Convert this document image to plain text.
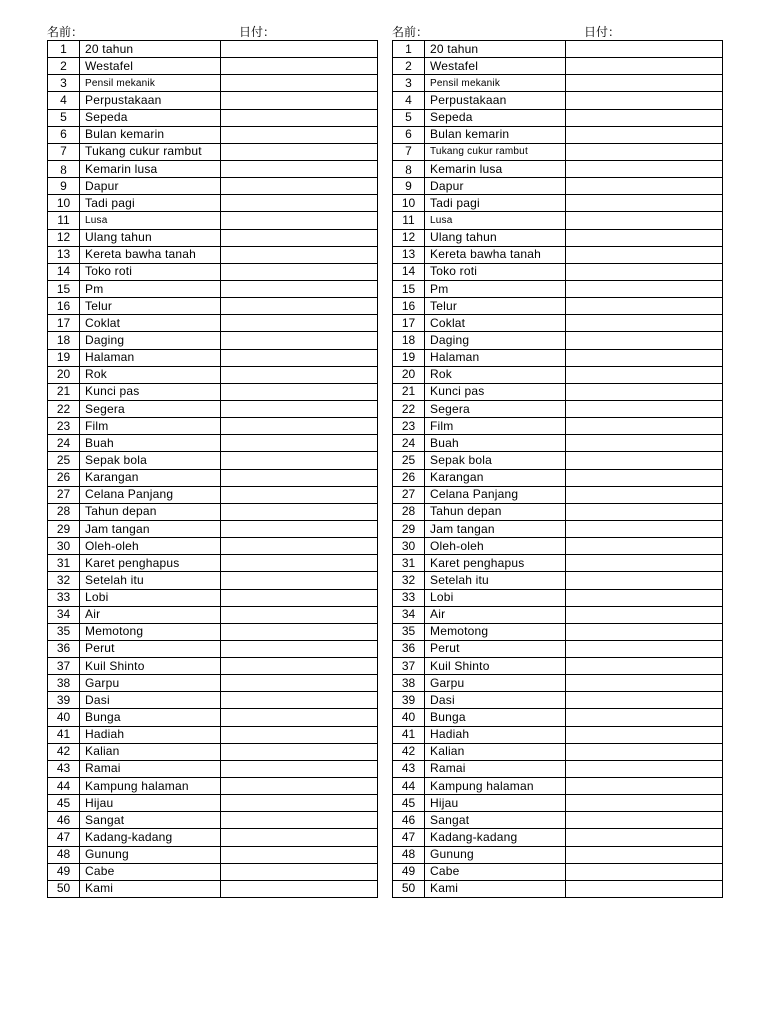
名前：	日付：
1	20 tahun	
2	Westafel	
3	Pensil mekanik	
4	Perpustakaan	
5	Sepeda	
6	Bulan kemarin	
7	Tukang cukur rambut	
8	Kemarin lusa	
9	Dapur	
10	Tadi pagi	
11	Lusa	
12	Ulang tahun	
13	Kereta bawha tanah	
14	Toko roti	
15	Pm	
16	Telur	
17	Coklat	
18	Daging	
19	Halaman	
20	Rok	
21	Kunci pas	
22	Segera	
23	Film	
24	Buah	
25	Sepak bola	
26	Karangan	
27	Celana Panjang	
28	Tahun depan	
29	Jam tangan	
30	Oleh-oleh	
31	Karet penghapus	
32	Setelah itu	
33	Lobi	
34	Air	
35	Memotong	
36	Perut	
37	Kuil Shinto	
38	Garpu	
39	Dasi	
40	Bunga	
41	Hadiah	
42	Kalian	
43	Ramai	
44	Kampung halaman	
45	Hijau	
46	Sangat	
47	Kadang-kadang	
48	Gunung	
49	Cabe	
50	Kami	
名前：	日付：
1	20 tahun	
2	Westafel	
3	Pensil mekanik	
4	Perpustakaan	
5	Sepeda	
6	Bulan kemarin	
7	Tukang cukur rambut	
8	Kemarin lusa	
9	Dapur	
10	Tadi pagi	
11	Lusa	
12	Ulang tahun	
13	Kereta bawha tanah	
14	Toko roti	
15	Pm	
16	Telur	
17	Coklat	
18	Daging	
19	Halaman	
20	Rok	
21	Kunci pas	
22	Segera	
23	Film	
24	Buah	
25	Sepak bola	
26	Karangan	
27	Celana Panjang	
28	Tahun depan	
29	Jam tangan	
30	Oleh-oleh	
31	Karet penghapus	
32	Setelah itu	
33	Lobi	
34	Air	
35	Memotong	
36	Perut	
37	Kuil Shinto	
38	Garpu	
39	Dasi	
40	Bunga	
41	Hadiah	
42	Kalian	
43	Ramai	
44	Kampung halaman	
45	Hijau	
46	Sangat	
47	Kadang-kadang	
48	Gunung	
49	Cabe	
50	Kami	
